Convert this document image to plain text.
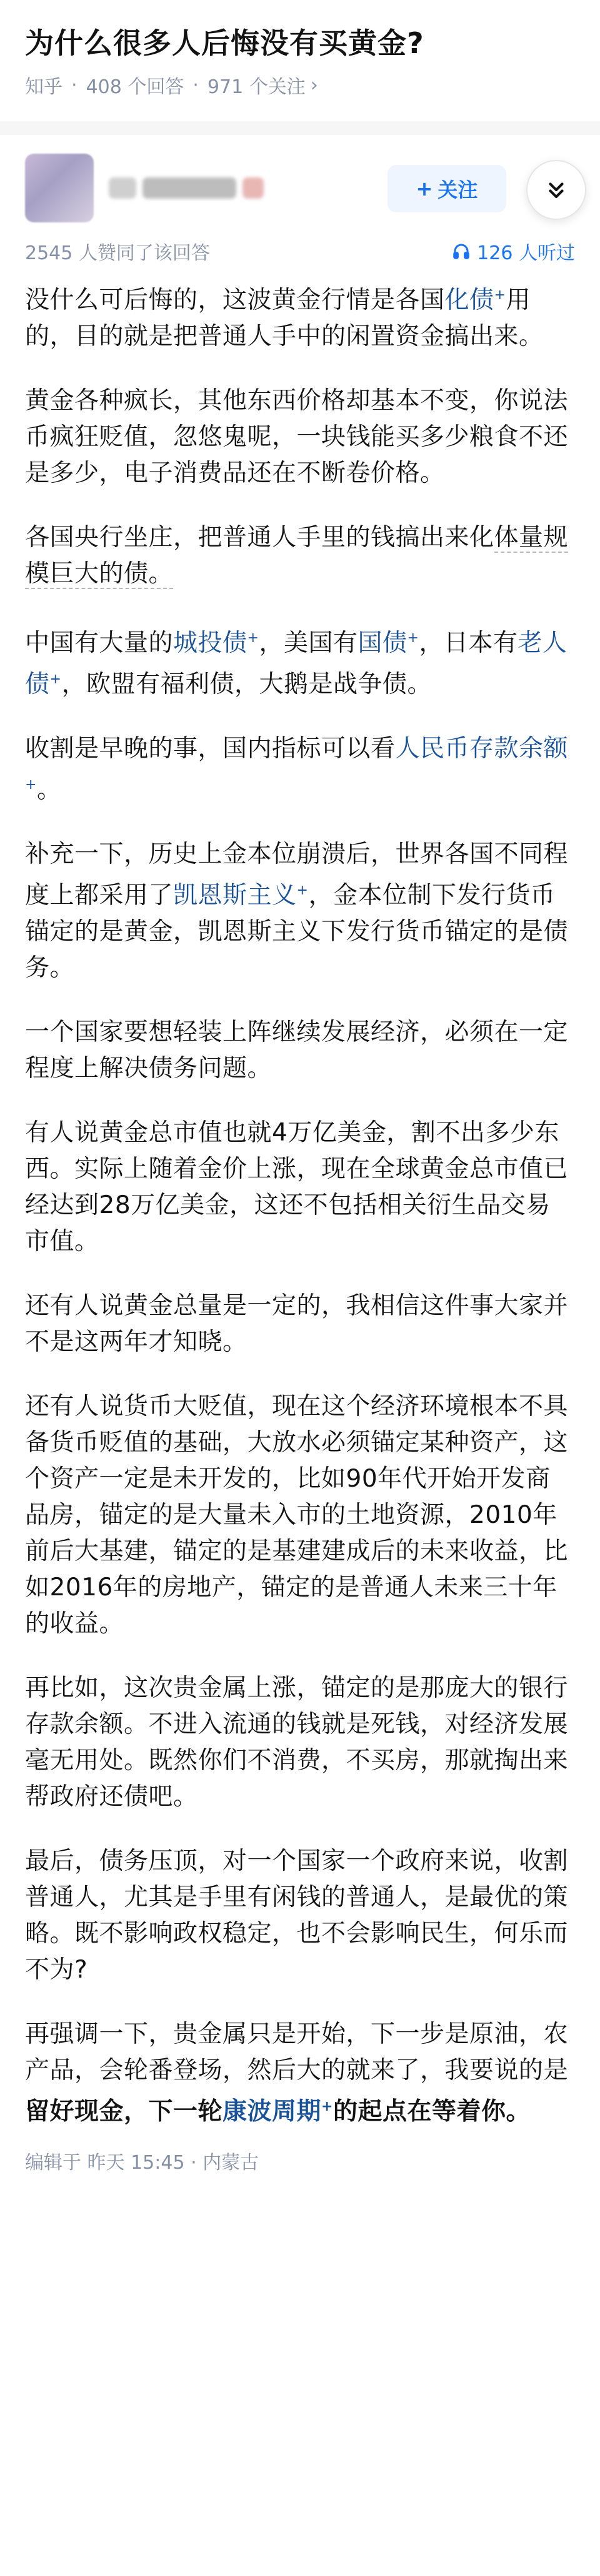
为什么很多人后悔没有买黄金?
知乎 · 408 个回答 · 971 个关注 ›
+ 关注
2545 人赞同了该回答	126 人听过

没什么可后悔的，这波黄金行情是各国化债+用的，目的就是把普通人手中的闲置资金搞出来。

黄金各种疯长，其他东西价格却基本不变，你说法币疯狂贬值，忽悠鬼呢，一块钱能买多少粮食不还是多少，电子消费品还在不断卷价格。

各国央行坐庄，把普通人手里的钱搞出来化体量规模巨大的债。

中国有大量的城投债+，美国有国债+，日本有老人债+，欧盟有福利债，大鹅是战争债。

收割是早晚的事，国内指标可以看人民币存款余额+。

补充一下，历史上金本位崩溃后，世界各国不同程度上都采用了凯恩斯主义+，金本位制下发行货币锚定的是黄金，凯恩斯主义下发行货币锚定的是债务。

一个国家要想轻装上阵继续发展经济，必须在一定程度上解决债务问题。

有人说黄金总市值也就4万亿美金，割不出多少东西。实际上随着金价上涨，现在全球黄金总市值已经达到28万亿美金，这还不包括相关衍生品交易市值。

还有人说黄金总量是一定的，我相信这件事大家并不是这两年才知晓。

还有人说货币大贬值，现在这个经济环境根本不具备货币贬值的基础，大放水必须锚定某种资产，这个资产一定是未开发的，比如90年代开始开发商品房，锚定的是大量未入市的土地资源，2010年前后大基建，锚定的是基建建成后的未来收益，比如2016年的房地产，锚定的是普通人未来三十年的收益。

再比如，这次贵金属上涨，锚定的是那庞大的银行存款余额。不进入流通的钱就是死钱，对经济发展毫无用处。既然你们不消费，不买房，那就掏出来帮政府还债吧。

最后，债务压顶，对一个国家一个政府来说，收割普通人，尤其是手里有闲钱的普通人，是最优的策略。既不影响政权稳定，也不会影响民生，何乐而不为?

再强调一下，贵金属只是开始，下一步是原油，农产品，会轮番登场，然后大的就来了，我要说的是留好现金，下一轮康波周期+的起点在等着你。

编辑于 昨天 15:45 · 内蒙古
